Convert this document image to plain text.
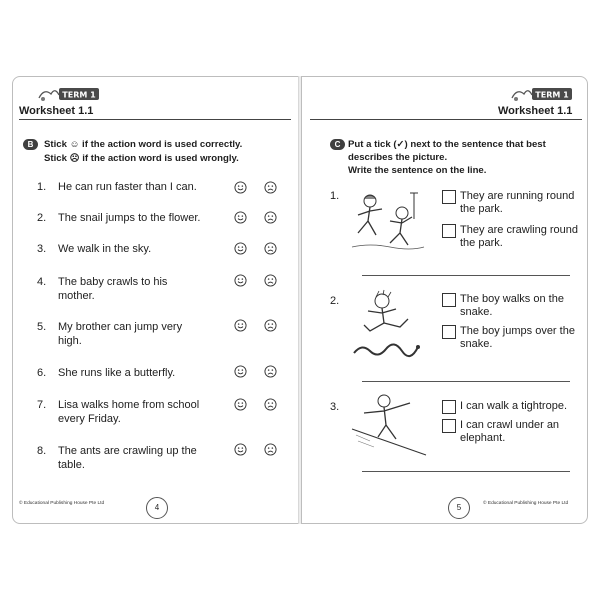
TERM 1
Worksheet 1.1
B	Stick ☺ if the action word is used correctly.
Stick ☹ if the action word is used wrongly.
1. He can run faster than I can.
2. The snail jumps to the flower.
3. We walk in the sky.
4. The baby crawls to his mother.
5. My brother can jump very high.
6. She runs like a butterfly.
7. Lisa walks home from school every Friday.
8. The ants are crawling up the table.
© Educational Publishing House Pte Ltd	4
TERM 1
Worksheet 1.1
C Put a tick (✓) next to the sentence that best
describes the picture.
Write the sentence on the line.
1.	They are running round the park.
They are crawling round the park.
2.	The boy walks on the snake.
The boy jumps over the snake.
3.	I can walk a tightrope.
I can crawl under an elephant.
5	© Educational Publishing House Pte Ltd
